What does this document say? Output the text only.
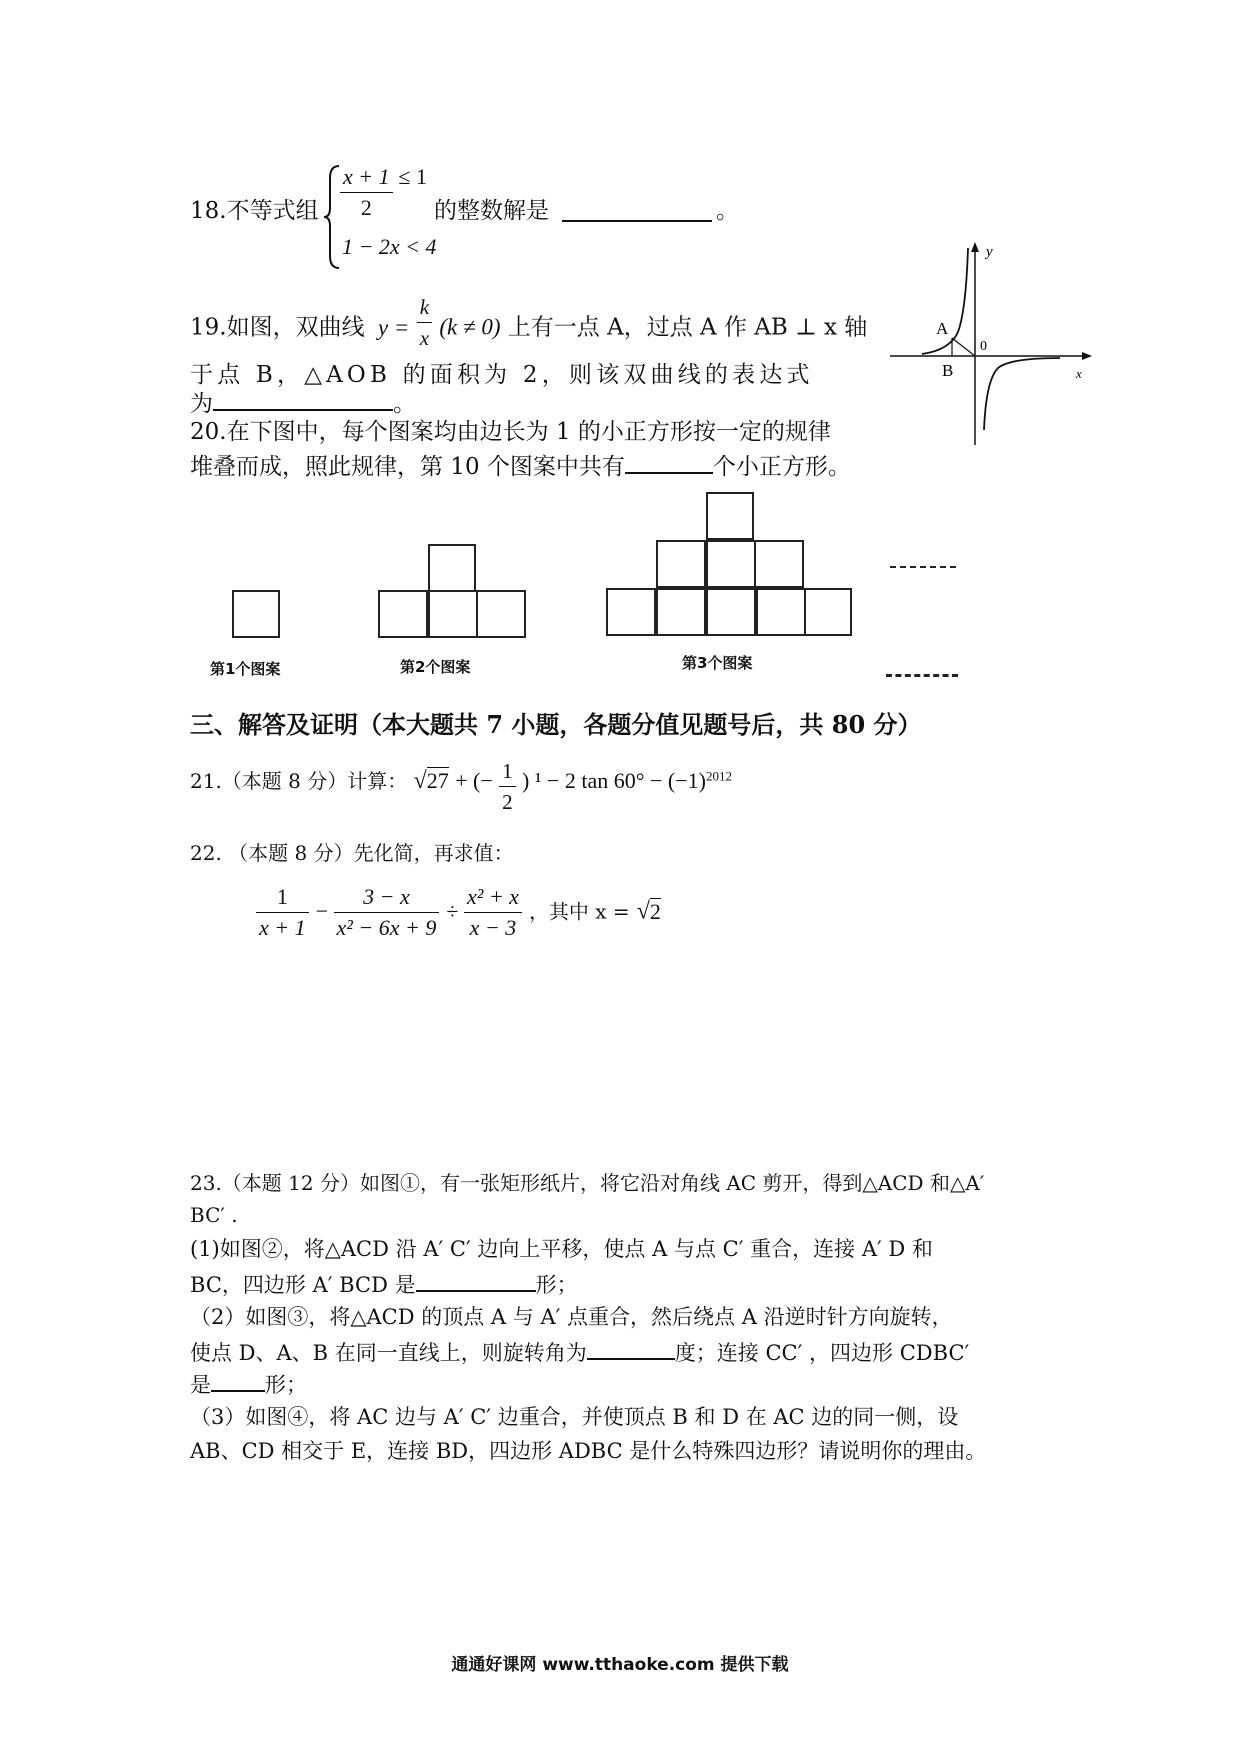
18.不等式组 $\frac{x + 1}{2} \le 1$
1 − 2x < 4
的整数解是	。
19.如图，双曲线 $y = \frac{k}{x} (k \ne 0)$ 上有一点 A，过点 A 作 AB ⊥ x 轴
于点 B，△AOB 的面积为 2，则该双曲线的表达式
为	。
y
x
A
B
0
20.在下图中，每个图案均由边长为 1 的小正方形按一定的规律
堆叠而成，照此规律，第 10 个图案中共有	个小正方形。
第1个图案	第2个图案	第3个图案
三、解答及证明（本大题共 7 小题，各题分值见题号后，共 80 分）
21.（本题 8 分）计算： √27 + (− $\frac{1}{2}$ ) ¹ − 2 $\tan 60^\circ - (-1)^{2012}$
22. （本题 8 分）先化简，再求值：
$\frac{1}{x + 1} - \frac{3 - x}{\text{x² − 6x + 9}} \div \frac{\text{x² + x}}{x - 3}$ ，其中 x = √2
23.（本题 12 分）如图①，有一张矩形纸片，将它沿对角线 AC 剪开，得到△ACD 和△A′
BC′ .
(1)如图②，将△ACD 沿 A′ C′ 边向上平移，使点 A 与点 C′ 重合，连接 A′ D 和
BC，四边形 A′ BCD 是	形；
（2）如图③，将△ACD 的顶点 A 与 A′ 点重合，然后绕点 A 沿逆时针方向旋转，
使点 D、A、B 在同一直线上，则旋转角为	度；连接 CC′ ，四边形 CDBC′
是	形；
（3）如图④，将 AC 边与 A′ C′ 边重合，并使顶点 B 和 D 在 AC 边的同一侧，设
AB、CD 相交于 E，连接 BD，四边形 ADBC 是什么特殊四边形？请说明你的理由。
通通好课网 www.tthaoke.com 提供下载
